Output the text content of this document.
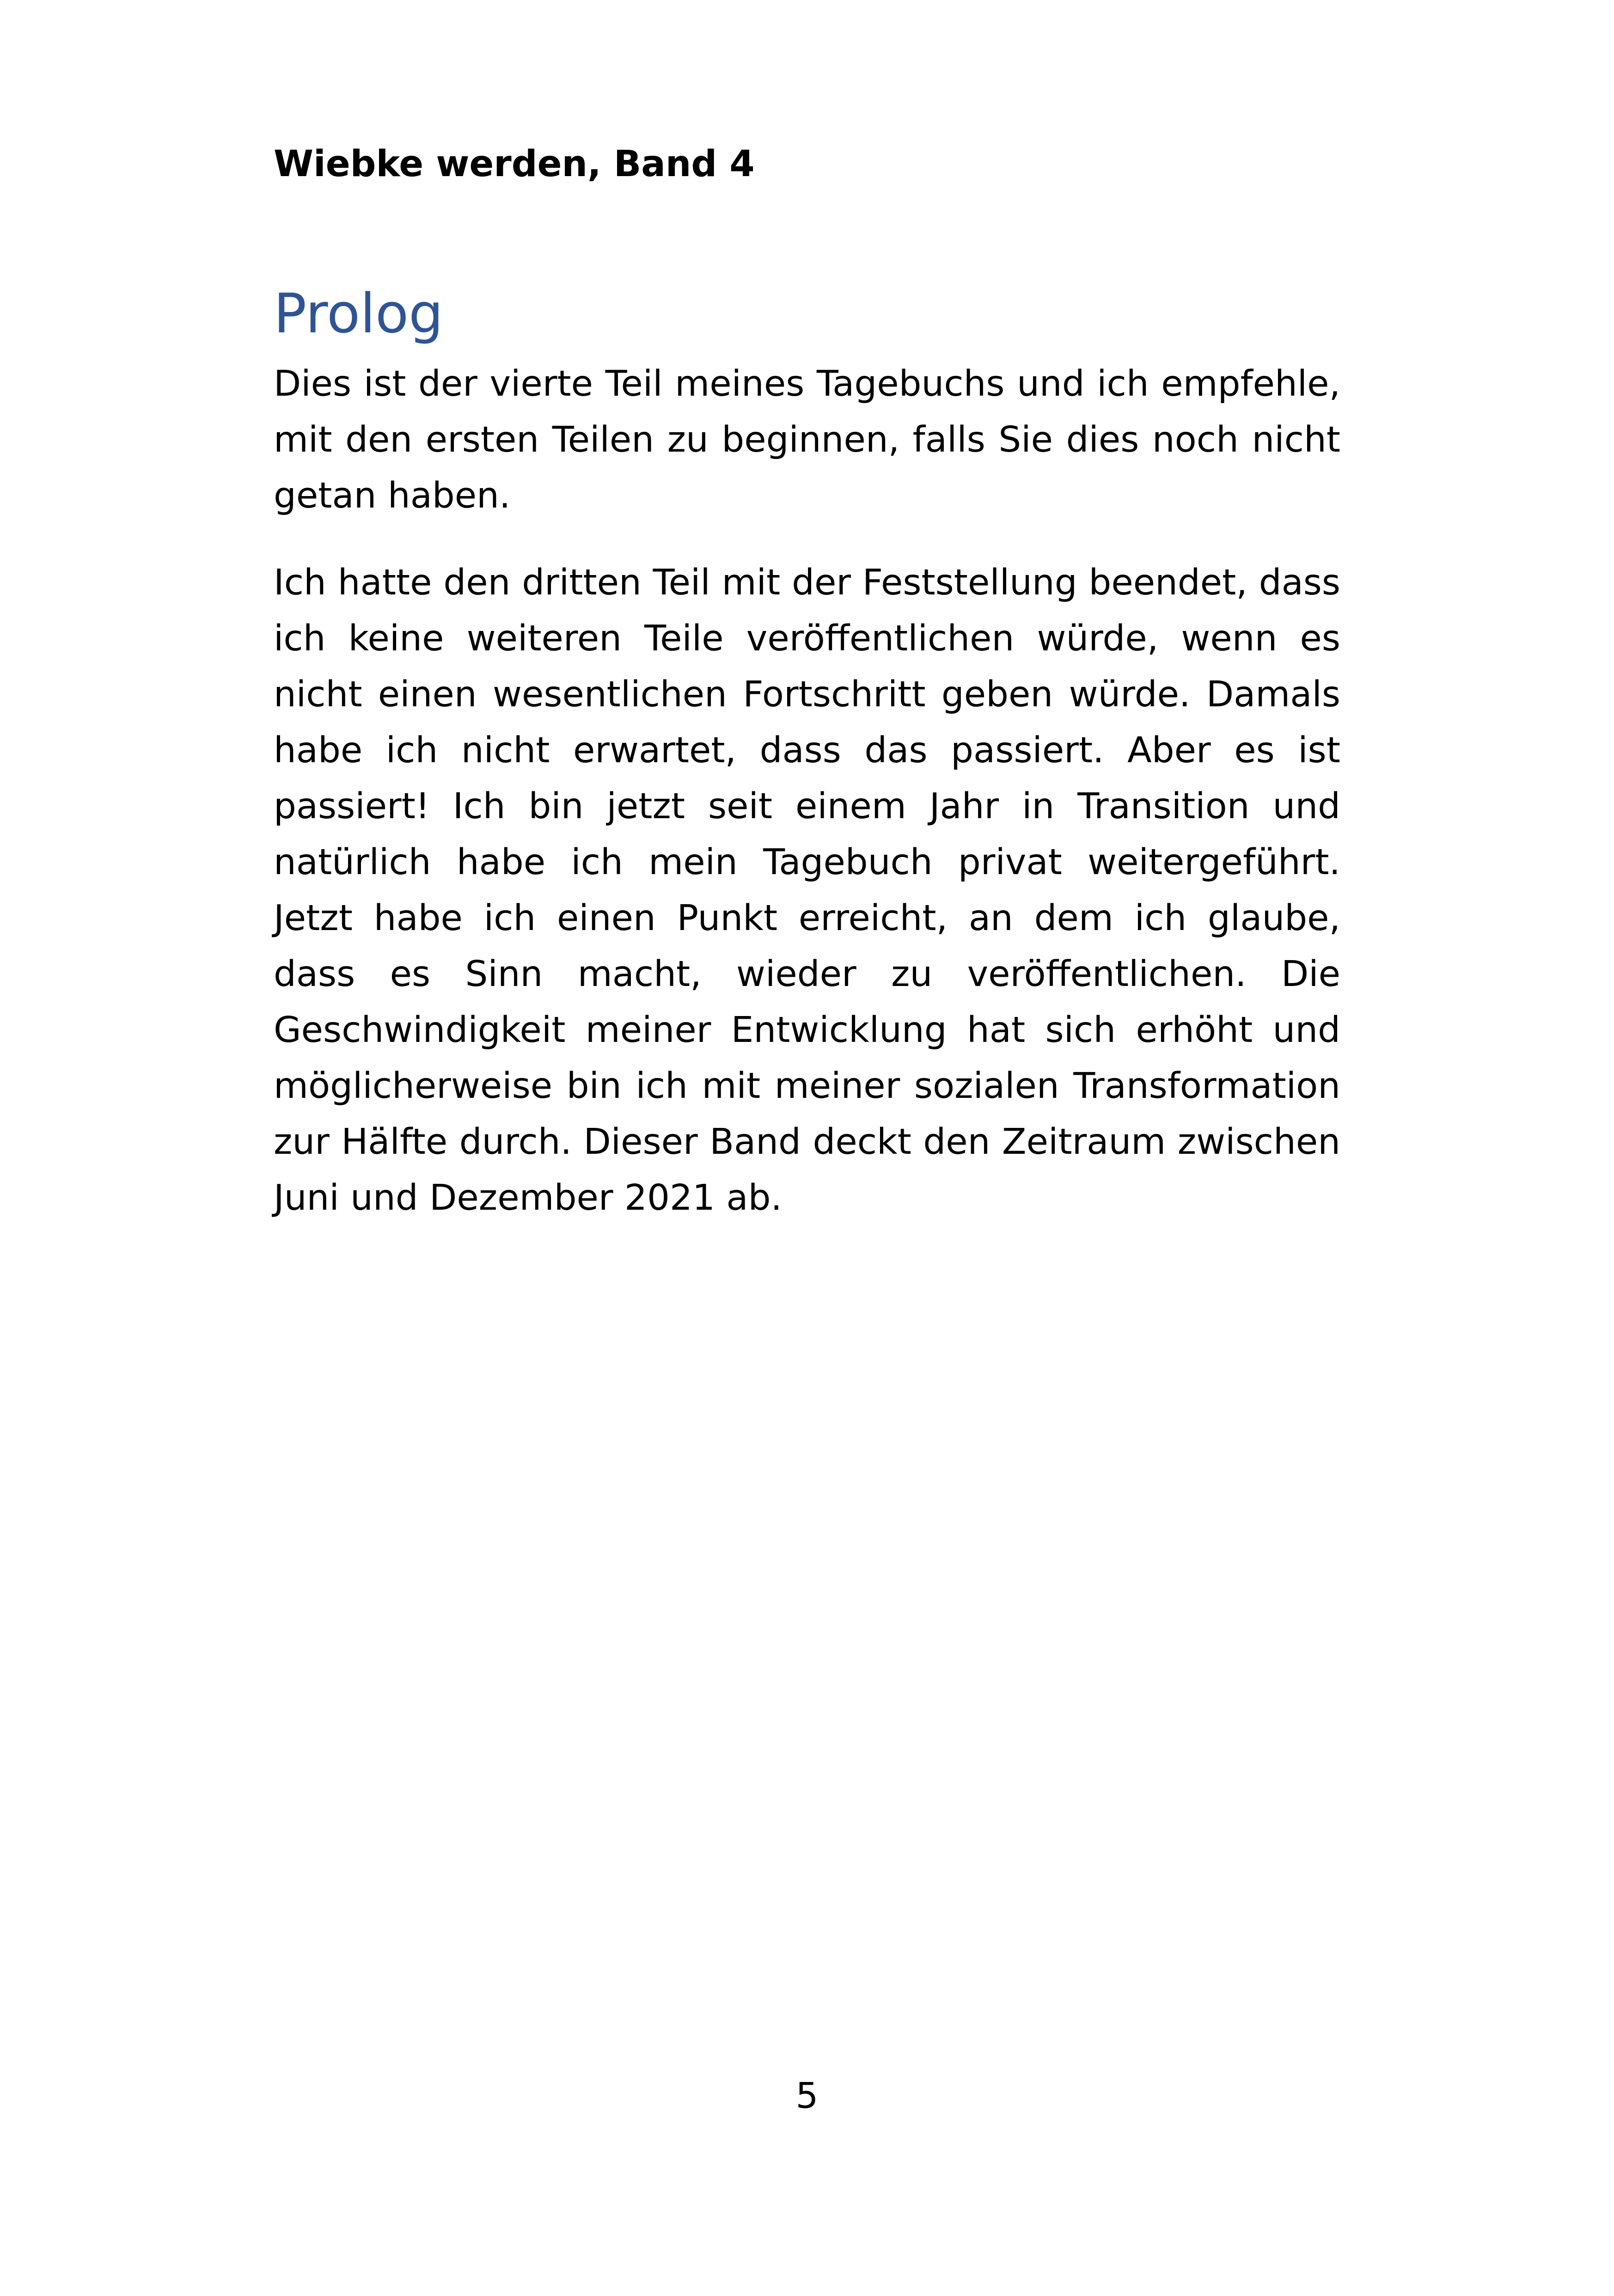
Wiebke werden, Band 4

Prolog

Dies ist der vierte Teil meines Tagebuchs und ich empfehle, mit den ersten Teilen zu beginnen, falls Sie dies noch nicht getan haben.

Ich hatte den dritten Teil mit der Feststellung beendet, dass ich keine weiteren Teile veröffentlichen würde, wenn es nicht einen wesentlichen Fortschritt geben würde. Damals habe ich nicht erwartet, dass das passiert. Aber es ist passiert! Ich bin jetzt seit einem Jahr in Transition und natürlich habe ich mein Tagebuch privat weitergeführt. Jetzt habe ich einen Punkt erreicht, an dem ich glaube, dass es Sinn macht, wieder zu veröffentlichen. Die Geschwindigkeit meiner Entwicklung hat sich erhöht und möglicherweise bin ich mit meiner sozialen Transformation zur Hälfte durch. Dieser Band deckt den Zeitraum zwischen Juni und Dezember 2021 ab.

5
